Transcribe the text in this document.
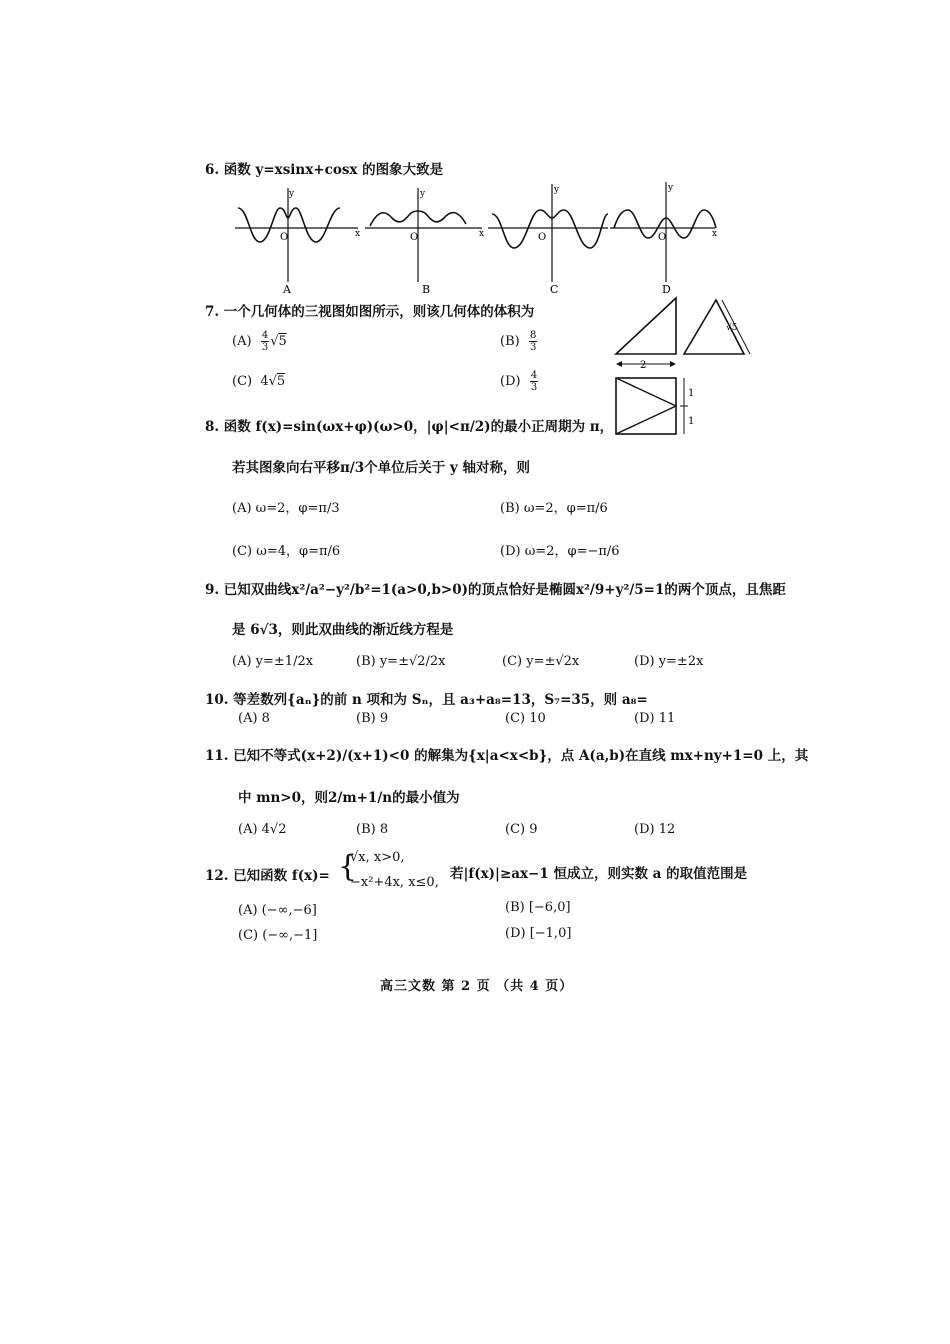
6. 函数 y=xsinx+cosx 的图象大致是
y
x
O
A
y
x
O
B
y
O
C
y
x
O
D
7. 一个几何体的三视图如图所示，则该几何体的体积为
$(A) \frac{4}{3} √5$	$(B) \frac{8}{3}$
(C)  4√5	$(D) \frac{4}{3}$
2
√5
1
1
8. 函数 f(x)=sin(ωx+φ)(ω>0，|φ|<π/2)的最小正周期为 π，
若其图象向右平移π/3个单位后关于 y 轴对称，则
(A) ω=2，φ=π/3	(B) ω=2，φ=π/6
(C) ω=4，φ=π/6	(D) ω=2，φ=−π/6
9. 已知双曲线x²/a²−y²/b²=1(a>0,b>0)的顶点恰好是椭圆x²/9+y²/5=1的两个顶点，且焦距
是 6√3，则此双曲线的渐近线方程是
(A) y=±1/2x	(B) y=±√2/2x	(C) y=±√2x	(D) y=±2x
10. 等差数列{aₙ}的前 n 项和为 Sₙ，且 a₃+a₈=13，S₇=35，则 a₈=
(A) 8	(B) 9	(C) 10	(D) 11
11. 已知不等式(x+2)/(x+1)<0 的解集为{x|a<x<b}，点 A(a,b)在直线 mx+ny+1=0 上，其
中 mn>0，则2/m+1/n的最小值为
(A) 4√2	(B) 8	(C) 9	(D) 12
12. 已知函数 f(x)= {
√x, x>0,
−x²+4x, x≤0,
若|f(x)|≥ax−1 恒成立，则实数 a 的取值范围是
(A) (−∞,−6]	(B) [−6,0]
(C) (−∞,−1]	(D) [−1,0]
高三文数 第 2 页 （共 4 页）
